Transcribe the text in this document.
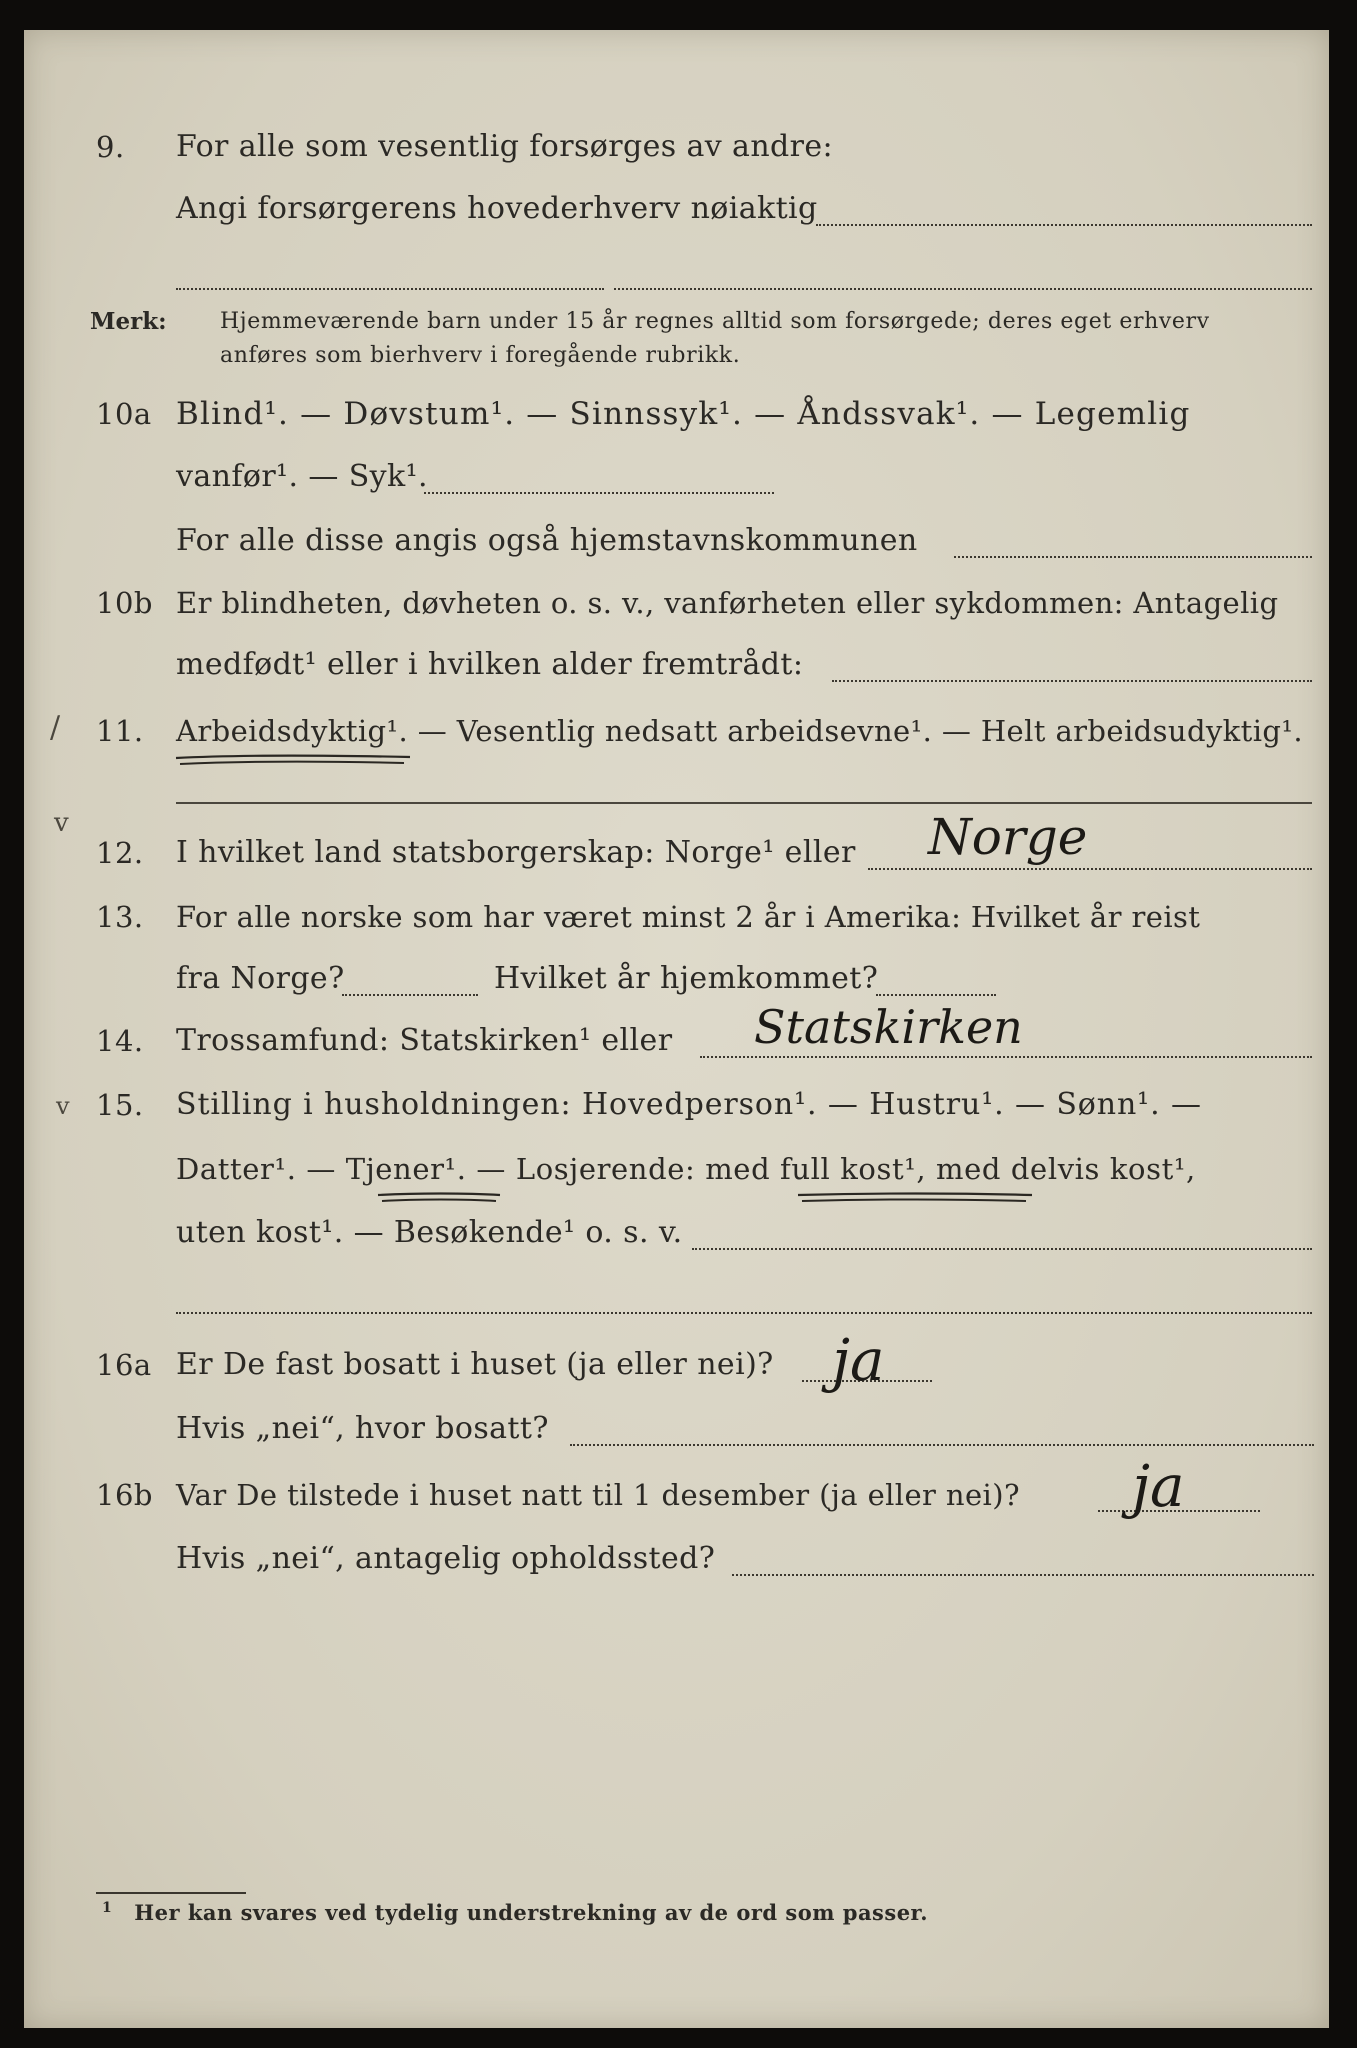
9. For alle som vesentlig forsørges av andre:
Angi forsørgerens hovederhverv nøiaktig
Merk: Hjemmeværende barn under 15 år regnes alltid som forsørgede; deres eget erhverv
anføres som bierhverv i foregående rubrikk.
10a Blind¹. — Døvstum¹. — Sinnssyk¹. — Åndssvak¹. — Legemlig
vanfør¹. — Syk¹.
For alle disse angis også hjemstavnskommunen
10b Er blindheten, døvheten o. s. v., vanførheten eller sykdommen: Antagelig
medfødt¹ eller i hvilken alder fremtrådt:
/ 11. Arbeidsdyktig¹. — Vesentlig nedsatt arbeidsevne¹. — Helt arbeidsudyktig¹.
v
12. I hvilket land statsborgerskap: Norge¹ eller Norge
13. For alle norske som har været minst 2 år i Amerika: Hvilket år reist
fra Norge?	Hvilket år hjemkommet?
14. Trossamfund: Statskirken¹ eller Statskirken
v 15. Stilling i husholdningen: Hovedperson¹. — Hustru¹. — Sønn¹. —
Datter¹. — Tjener¹. — Losjerende: med full kost¹, med delvis kost¹,
uten kost¹. — Besøkende¹ o. s. v.
16a Er De fast bosatt i huset (ja eller nei)? ja
Hvis „nei“, hvor bosatt?
16b Var De tilstede i huset natt til 1 desember (ja eller nei)? ja
Hvis „nei“, antagelig opholdssted?
$^1$ Her kan svares ved tydelig understrekning av de ord som passer.
